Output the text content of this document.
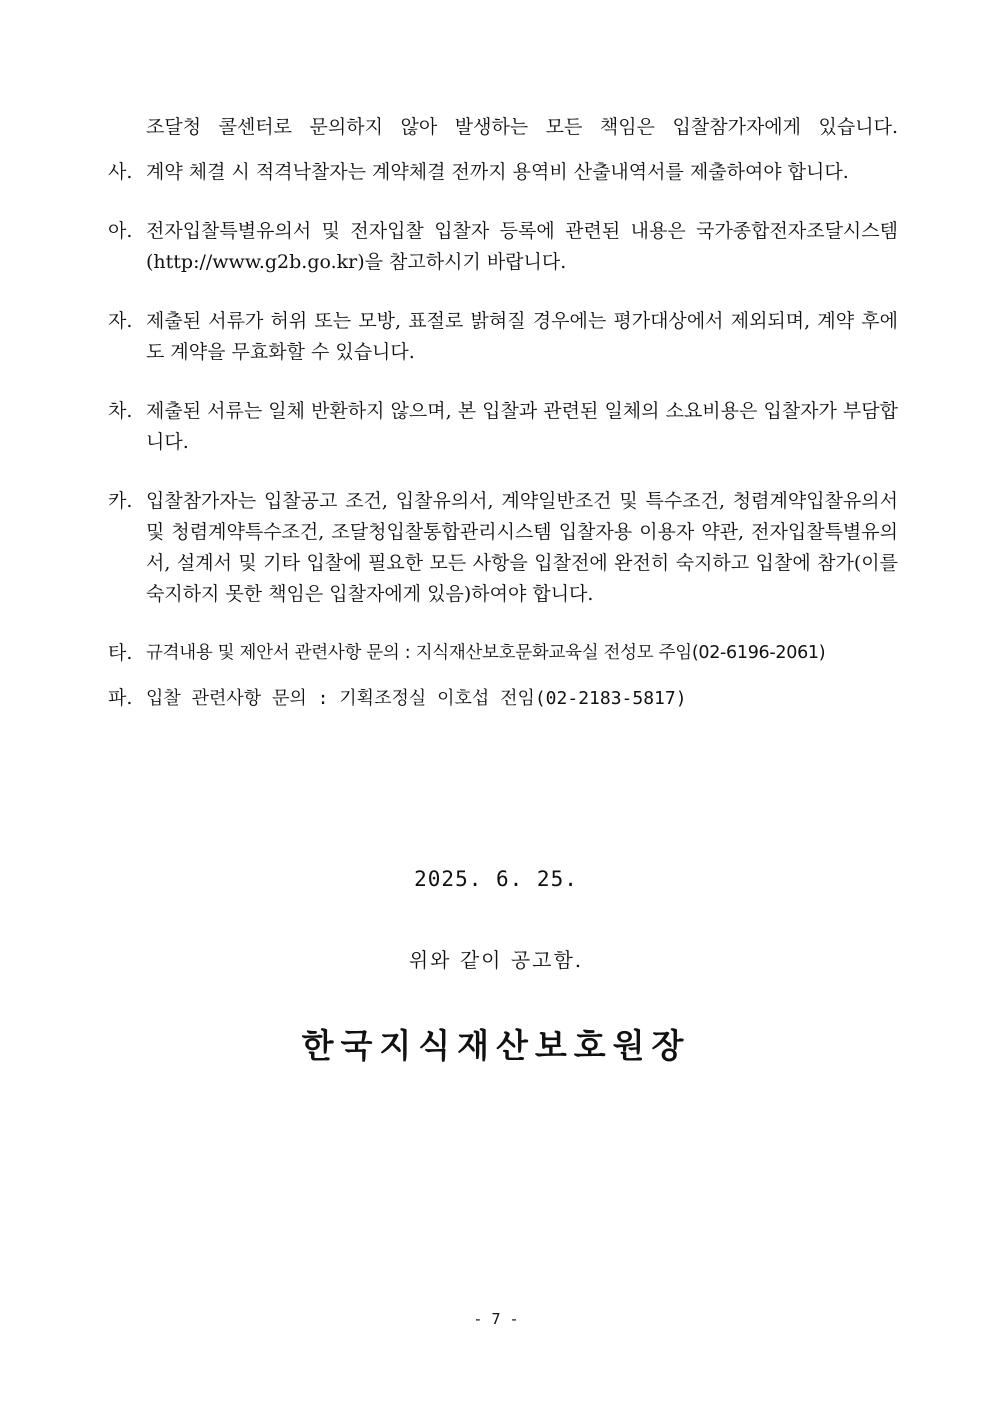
조달청 콜센터로 문의하지 않아 발생하는 모든 책임은 입찰참가자에게 있습니다.
사. 계약 체결 시 적격낙찰자는 계약체결 전까지 용역비 산출내역서를 제출하여야 합니다.
아. 전자입찰특별유의서 및 전자입찰 입찰자 등록에 관련된 내용은 국가종합전자조달시스템(http://www.g2b.go.kr)을 참고하시기 바랍니다.
자. 제출된 서류가 허위 또는 모방, 표절로 밝혀질 경우에는 평가대상에서 제외되며, 계약 후에도 계약을 무효화할 수 있습니다.
차. 제출된 서류는 일체 반환하지 않으며, 본 입찰과 관련된 일체의 소요비용은 입찰자가 부담합니다.
카. 입찰참가자는 입찰공고 조건, 입찰유의서, 계약일반조건 및 특수조건, 청렴계약입찰유의서 및 청렴계약특수조건, 조달청입찰통합관리시스템 입찰자용 이용자 약관, 전자입찰특별유의서, 설계서 및 기타 입찰에 필요한 모든 사항을 입찰전에 완전히 숙지하고 입찰에 참가(이를 숙지하지 못한 책임은 입찰자에게 있음)하여야 합니다.
타. 규격내용 및 제안서 관련사항 문의 : 지식재산보호문화교육실 전성모 주임(02-6196-2061)
파. 입찰 관련사항 문의 : 기획조정실 이호섭 전임(02-2183-5817)
2025. 6. 25.
위와 같이 공고함.
한국지식재산보호원장
- 7 -
